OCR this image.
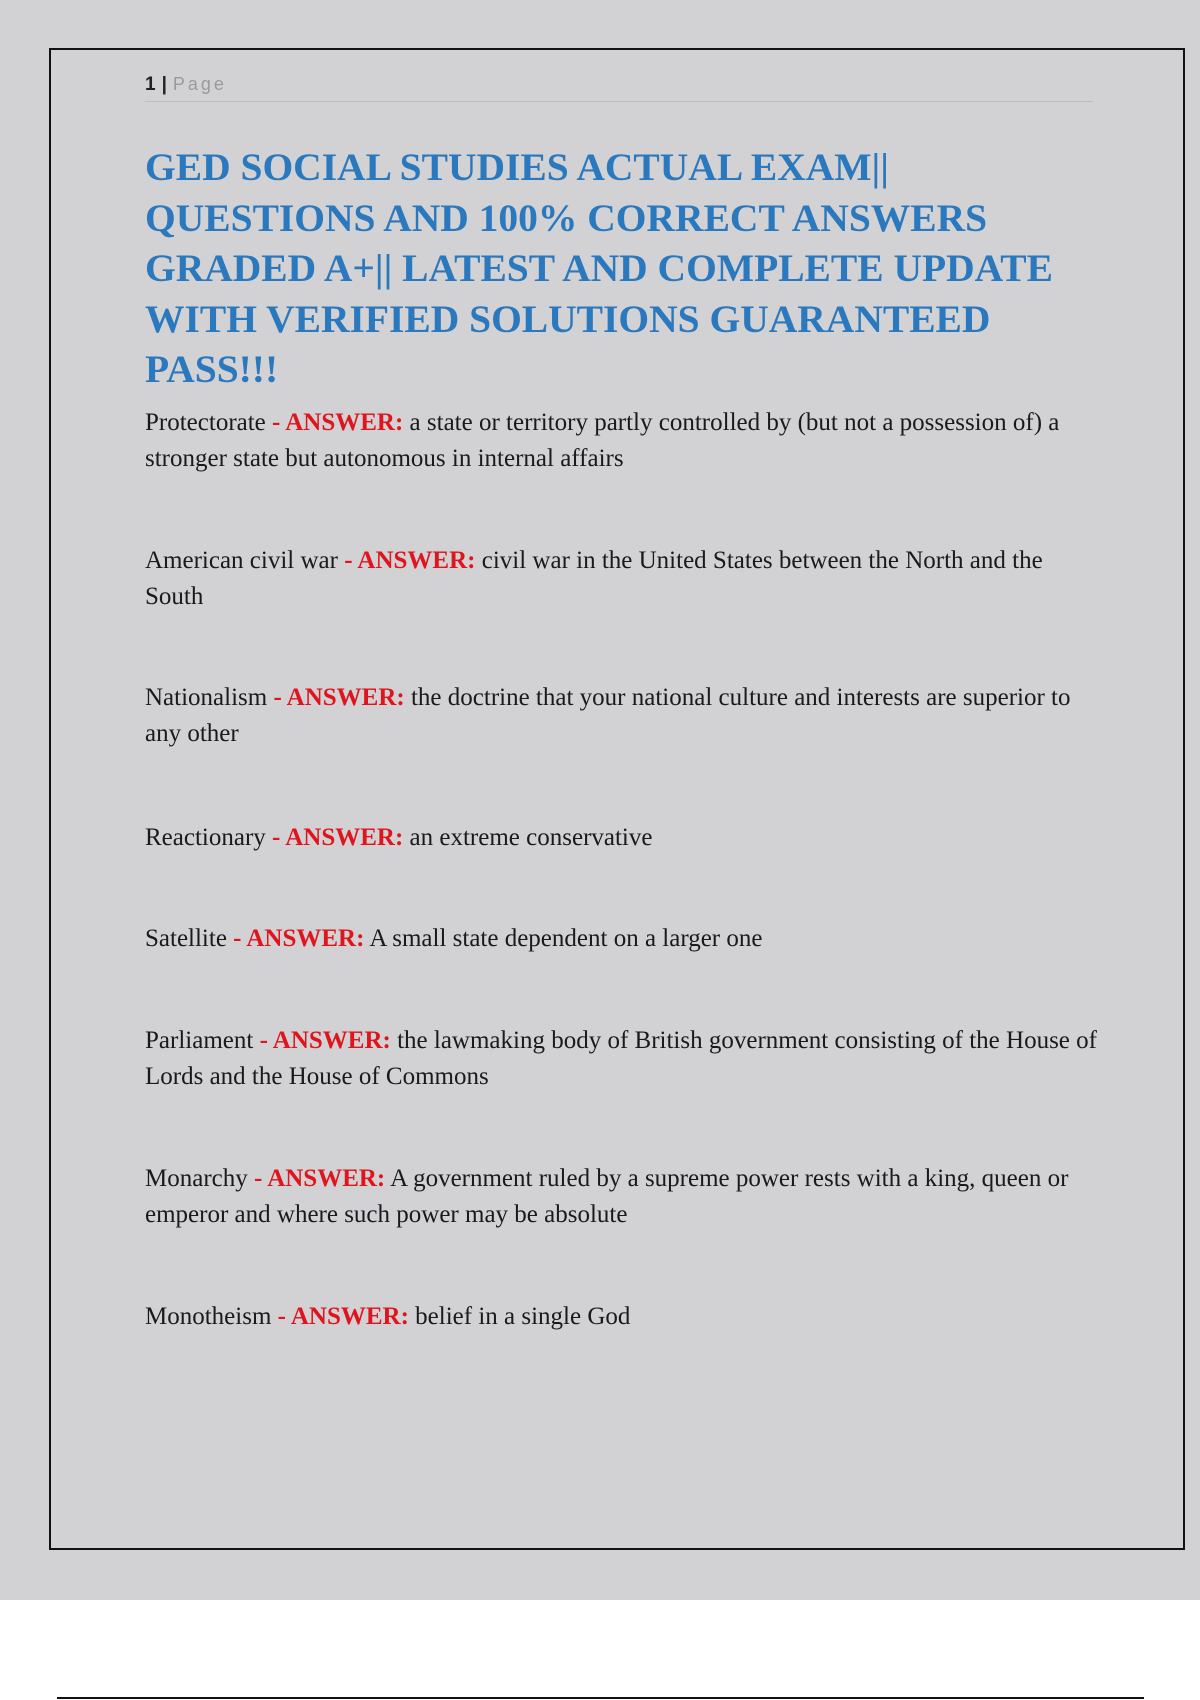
1 | Page
GED SOCIAL STUDIES ACTUAL EXAM|| QUESTIONS AND 100% CORRECT ANSWERS GRADED A+|| LATEST AND COMPLETE UPDATE WITH VERIFIED SOLUTIONS GUARANTEED PASS!!!

Protectorate - ANSWER: a state or territory partly controlled by (but not a possession of) a stronger state but autonomous in internal affairs

American civil war - ANSWER: civil war in the United States between the North and the South

Nationalism - ANSWER: the doctrine that your national culture and interests are superior to any other

Reactionary - ANSWER: an extreme conservative

Satellite - ANSWER: A small state dependent on a larger one

Parliament - ANSWER: the lawmaking body of British government consisting of the House of Lords and the House of Commons

Monarchy - ANSWER: A government ruled by a supreme power rests with a king, queen or emperor and where such power may be absolute

Monotheism - ANSWER: belief in a single God
